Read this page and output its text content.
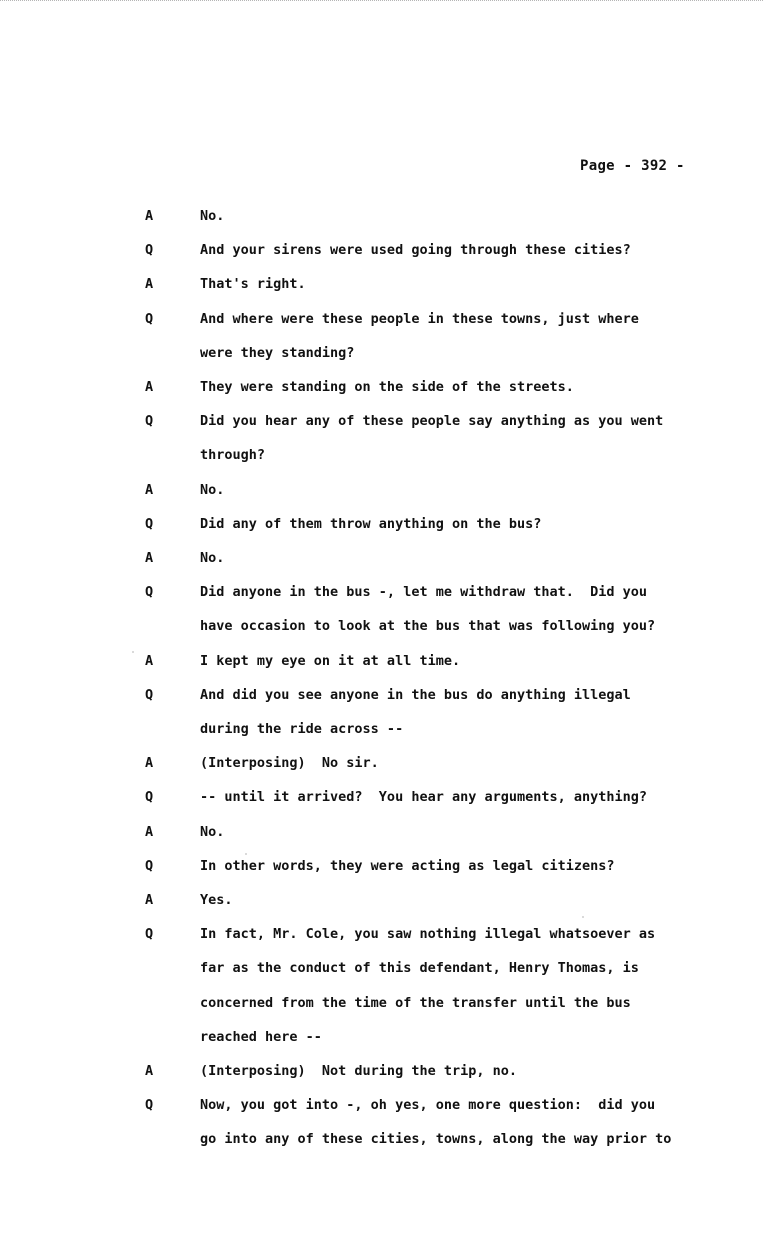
Page - 392 -
A	No.
Q	And your sirens were used going through these cities?
A	That's right.
Q	And where were these people in these towns, just where
were they standing?
A	They were standing on the side of the streets.
Q	Did you hear any of these people say anything as you went
through?
A	No.
Q	Did any of them throw anything on the bus?
A	No.
Q	Did anyone in the bus -, let me withdraw that.  Did you
have occasion to look at the bus that was following you?
A	I kept my eye on it at all time.
Q	And did you see anyone in the bus do anything illegal
during the ride across --
A	(Interposing)  No sir.
Q	-- until it arrived?  You hear any arguments, anything?
A	No.
Q	In other words, they were acting as legal citizens?
A	Yes.
Q	In fact, Mr. Cole, you saw nothing illegal whatsoever as
far as the conduct of this defendant, Henry Thomas, is
concerned from the time of the transfer until the bus
reached here --
A	(Interposing)  Not during the trip, no.
Q	Now, you got into -, oh yes, one more question:  did you
go into any of these cities, towns, along the way prior to
